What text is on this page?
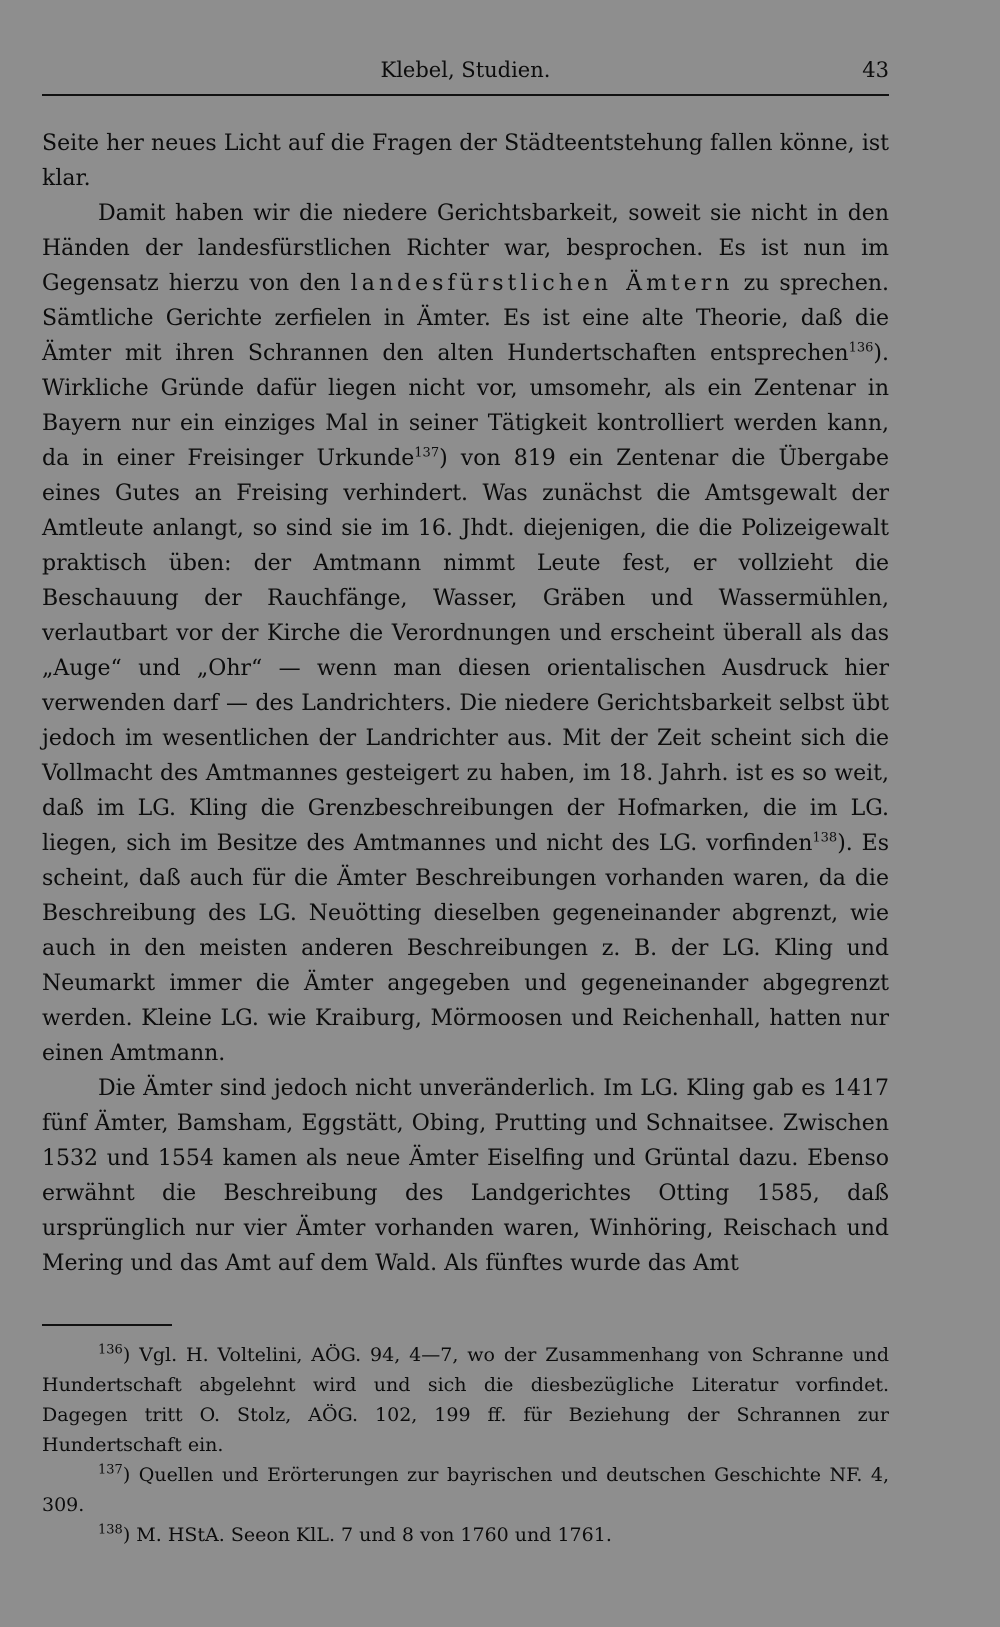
Klebel, Studien.	43

Seite her neues Licht auf die Fragen der Städteentstehung fallen könne, ist klar.

Damit haben wir die niedere Gerichtsbarkeit, soweit sie nicht in den Händen der landesfürstlichen Richter war, besprochen. Es ist nun im Gegensatz hierzu von den landesfürstlichen Ämtern zu sprechen. Sämtliche Gerichte zerfielen in Ämter. Es ist eine alte Theorie, daß die Ämter mit ihren Schrannen den alten Hundertschaften entsprechen$^{136}$). Wirkliche Gründe dafür liegen nicht vor, umsomehr, als ein Zentenar in Bayern nur ein einziges Mal in seiner Tätigkeit kontrolliert werden kann, da in einer Freisinger Urkunde$^{137}$) von 819 ein Zentenar die Übergabe eines Gutes an Freising verhindert. Was zunächst die Amtsgewalt der Amtleute anlangt, so sind sie im 16. Jhdt. diejenigen, die die Polizeigewalt praktisch üben: der Amtmann nimmt Leute fest, er vollzieht die Beschauung der Rauchfänge, Wasser, Gräben und Wassermühlen, verlautbart vor der Kirche die Verordnungen und erscheint überall als das „Auge“ und „Ohr“ — wenn man diesen orientalischen Ausdruck hier verwenden darf — des Landrichters. Die niedere Gerichtsbarkeit selbst übt jedoch im wesentlichen der Landrichter aus. Mit der Zeit scheint sich die Vollmacht des Amtmannes gesteigert zu haben, im 18. Jahrh. ist es so weit, daß im LG. Kling die Grenzbeschreibungen der Hofmarken, die im LG. liegen, sich im Besitze des Amtmannes und nicht des LG. vorfinden$^{138}$). Es scheint, daß auch für die Ämter Beschreibungen vorhanden waren, da die Beschreibung des LG. Neuötting dieselben gegeneinander abgrenzt, wie auch in den meisten anderen Beschreibungen z. B. der LG. Kling und Neumarkt immer die Ämter angegeben und gegeneinander abgegrenzt werden. Kleine LG. wie Kraiburg, Mörmoosen und Reichenhall, hatten nur einen Amtmann.

Die Ämter sind jedoch nicht unveränderlich. Im LG. Kling gab es 1417 fünf Ämter, Bamsham, Eggstätt, Obing, Prutting und Schnaitsee. Zwischen 1532 und 1554 kamen als neue Ämter Eiselfing und Grüntal dazu. Ebenso erwähnt die Beschreibung des Landgerichtes Otting 1585, daß ursprünglich nur vier Ämter vorhanden waren, Winhöring, Reischach und Mering und das Amt auf dem Wald. Als fünftes wurde das Amt

$^{136}$) Vgl. H. Voltelini, AÖG. 94, 4—7, wo der Zusammenhang von Schranne und Hundertschaft abgelehnt wird und sich die diesbezügliche Literatur vorfindet. Dagegen tritt O. Stolz, AÖG. 102, 199 ff. für Beziehung der Schrannen zur Hundertschaft ein.

$^{137}$) Quellen und Erörterungen zur bayrischen und deutschen Geschichte NF. 4, 309.

$^{138}$) M. HStA. Seeon KlL. 7 und 8 von 1760 und 1761.
